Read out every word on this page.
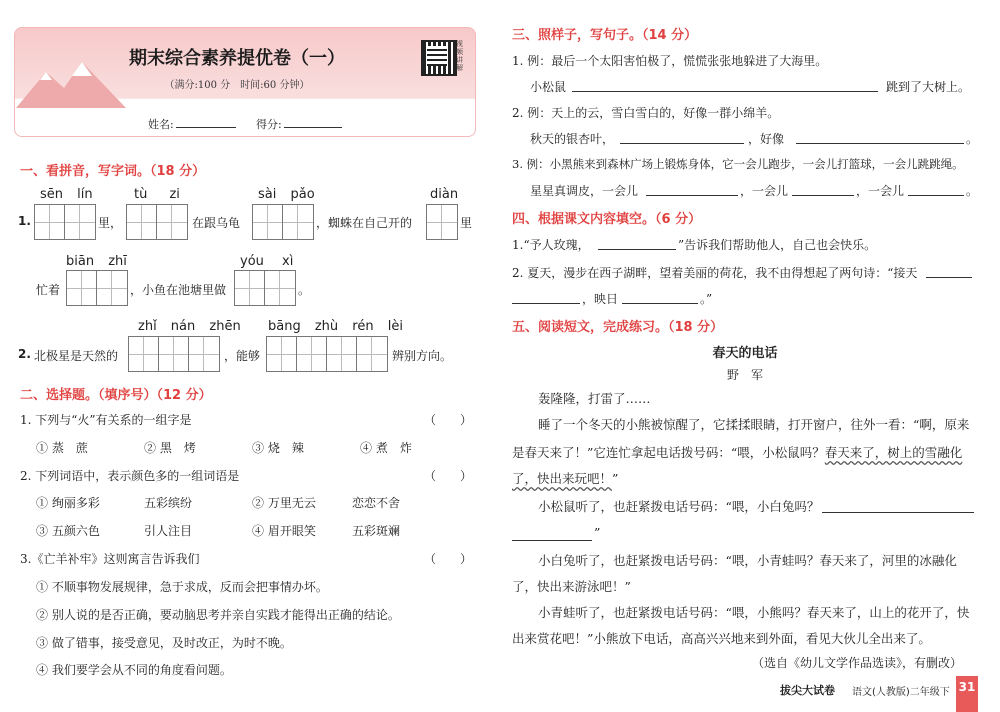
期末综合素养提优卷（一）
（满分:100 分　时间:60 分钟）
视频讲解
姓名:	得分:
一、看拼音，写字词。（18 分）
sēn lín	tù zi	sài pǎo	diàn
1.	里，	在跟乌龟	，蜘蛛在自己开的	里
biān zhī	yóu xì
忙着	，小鱼在池塘里做	。
zhǐ nán zhēn bāng zhù rén lèi
2. 北极星是天然的	，能够	辨别方向。
二、选择题。（填序号）（12 分）
1. 下列与“火”有关系的一组字是	（　　）
① 蒸　蔗	② 黑　烤	③ 烧　辣	④ 煮　炸
2. 下列词语中，表示颜色多的一组词语是	（　　）
① 绚丽多彩	五彩缤纷	② 万里无云	恋恋不舍
③ 五颜六色	引人注目	④ 眉开眼笑	五彩斑斓
3.《亡羊补牢》这则寓言告诉我们	（　　）
① 不顺事物发展规律，急于求成，反而会把事情办坏。
② 别人说的是否正确，要动脑思考并亲自实践才能得出正确的结论。
③ 做了错事，接受意见，及时改正，为时不晚。
④ 我们要学会从不同的角度看问题。
三、照样子，写句子。（14 分）
1. 例：最后一个太阳害怕极了，慌慌张张地躲进了大海里。
小松鼠	跳到了大树上。
2. 例：天上的云，雪白雪白的，好像一群小绵羊。
秋天的银杏叶，	，好像	。
3. 例：小黑熊来到森林广场上锻炼身体，它一会儿跑步，一会儿打篮球，一会儿跳跳绳。
星星真调皮，一会儿	，一会儿	，一会儿	。
四、根据课文内容填空。（6 分）
1.“予人玫瑰，	”告诉我们帮助他人，自己也会快乐。
2. 夏天，漫步在西子湖畔，望着美丽的荷花，我不由得想起了两句诗：“接天
，映日	。”
五、阅读短文，完成练习。（18 分）
春天的电话
野　军
轰隆隆，打雷了……
睡了一个冬天的小熊被惊醒了，它揉揉眼睛，打开窗户，往外一看：“啊，原来
是春天来了！”它连忙拿起电话拨号码：“喂，小松鼠吗？春天来了，树上的雪融化
了，快出来玩吧！”
小松鼠听了，也赶紧拨电话号码：“喂，小白兔吗？
”
小白兔听了，也赶紧拨电话号码：“喂，小青蛙吗？春天来了，河里的冰融化
了，快出来游泳吧！”
小青蛙听了，也赶紧拨电话号码：“喂，小熊吗？春天来了，山上的花开了，快
出来赏花吧！”小熊放下电话，高高兴兴地来到外面，看见大伙儿全出来了。
（选自《幼儿文学作品选读》，有删改）
拔尖大试卷 语文(人教版)二年级下 31
